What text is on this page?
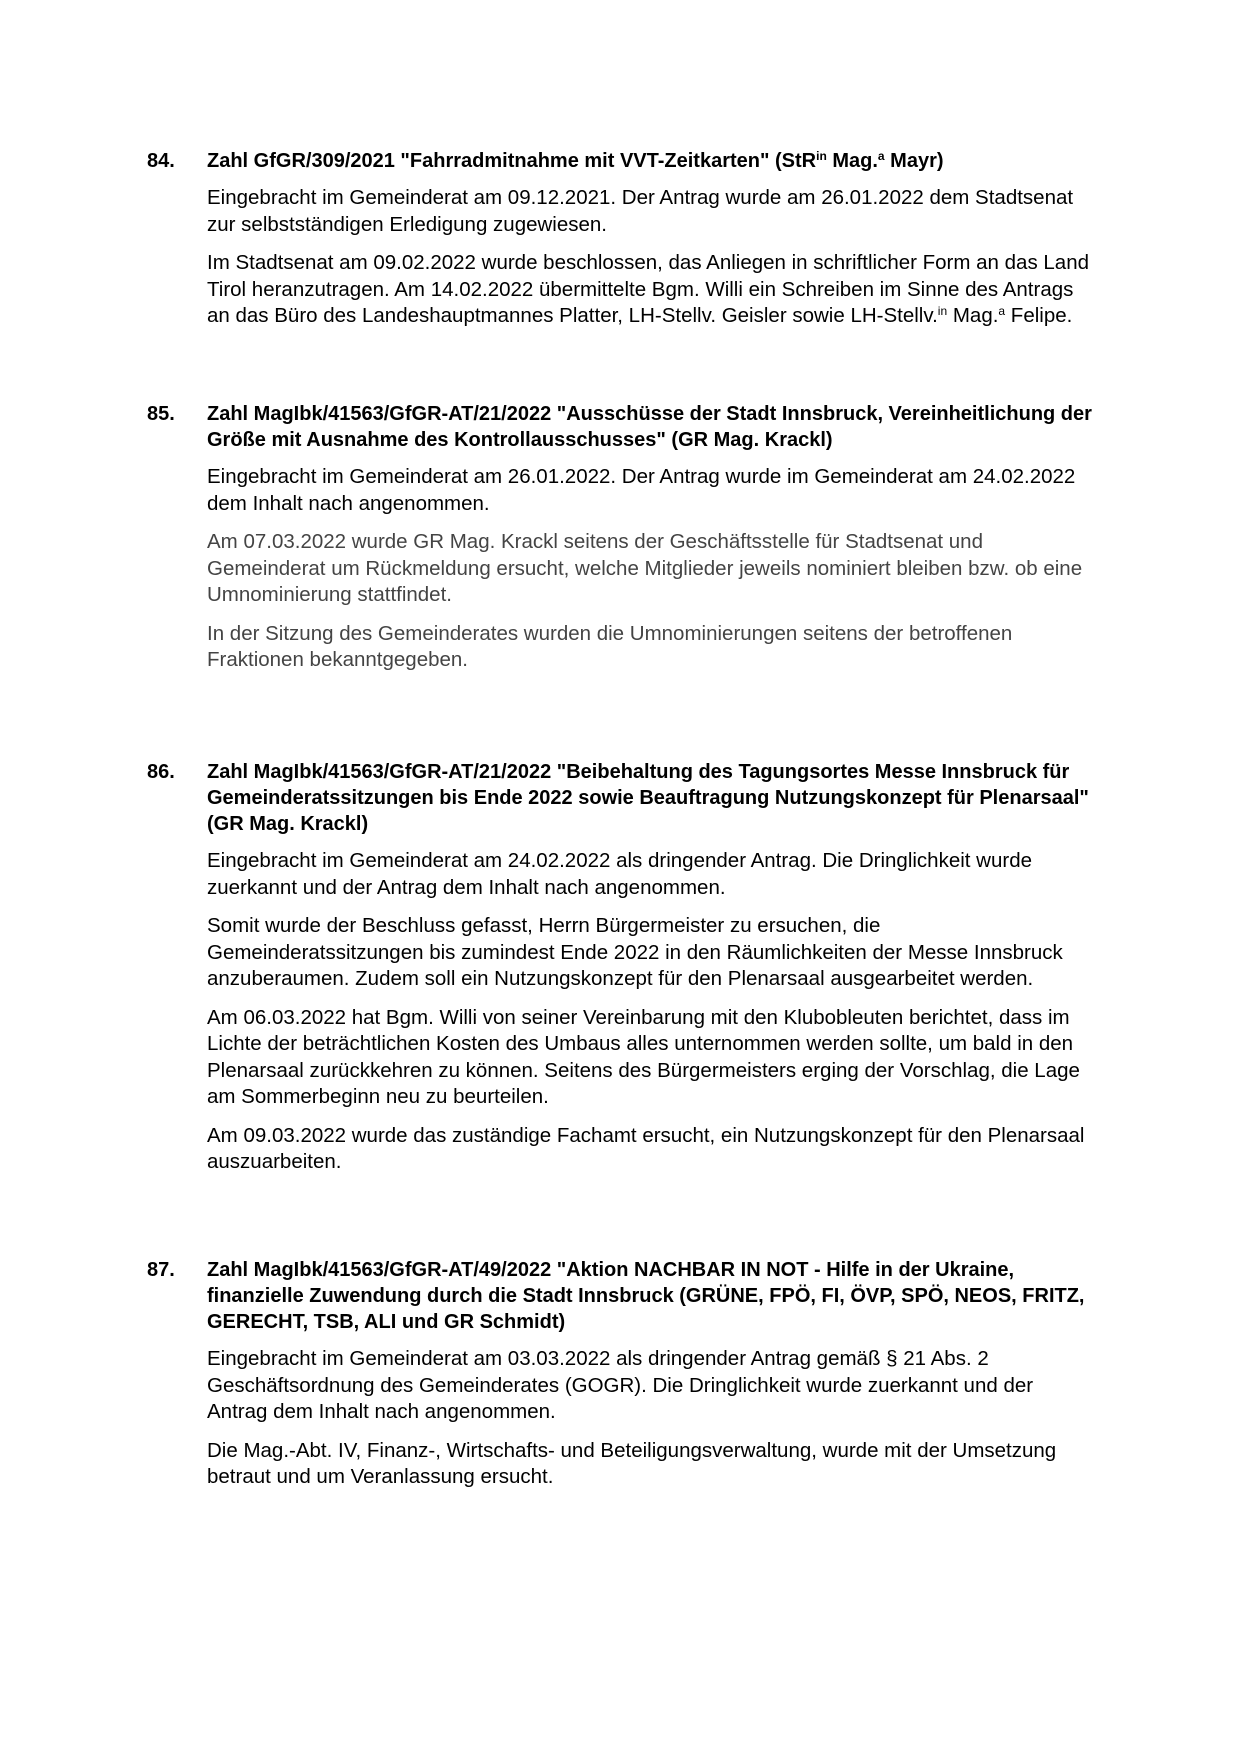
84. Zahl GfGR/309/2021 "Fahrradmitnahme mit VVT-Zeitkarten" (StR$^{in}$ Mag.$^a$ Mayr)
Eingebracht im Gemeinderat am 09.12.2021. Der Antrag wurde am 26.01.2022 dem Stadtsenat zur selbstständigen Erledigung zugewiesen.
Im Stadtsenat am 09.02.2022 wurde beschlossen, das Anliegen in schriftlicher Form an das Land Tirol heranzutragen. Am 14.02.2022 übermittelte Bgm. Willi ein Schreiben im Sinne des Antrags an das Büro des Landeshauptmannes Platter, LH-Stellv. Geisler sowie LH-Stellv.$^{in}$ Mag.$^a$ Felipe.
85. Zahl MagIbk/41563/GfGR-AT/21/2022 "Ausschüsse der Stadt Innsbruck, Vereinheitlichung der Größe mit Ausnahme des Kontrollausschusses" (GR Mag. Krackl)
Eingebracht im Gemeinderat am 26.01.2022. Der Antrag wurde im Gemeinderat am 24.02.2022 dem Inhalt nach angenommen.
Am 07.03.2022 wurde GR Mag. Krackl seitens der Geschäftsstelle für Stadtsenat und Gemeinderat um Rückmeldung ersucht, welche Mitglieder jeweils nominiert bleiben bzw. ob eine Umnominierung stattfindet.
In der Sitzung des Gemeinderates wurden die Umnominierungen seitens der betroffenen Fraktionen bekanntgegeben.
86. Zahl MagIbk/41563/GfGR-AT/21/2022 "Beibehaltung des Tagungsortes Messe Innsbruck für Gemeinderatssitzungen bis Ende 2022 sowie Beauftragung Nutzungskonzept für Plenarsaal" (GR Mag. Krackl)
Eingebracht im Gemeinderat am 24.02.2022 als dringender Antrag. Die Dringlichkeit wurde zuerkannt und der Antrag dem Inhalt nach angenommen.
Somit wurde der Beschluss gefasst, Herrn Bürgermeister zu ersuchen, die Gemeinderatssitzungen bis zumindest Ende 2022 in den Räumlichkeiten der Messe Innsbruck anzuberaumen. Zudem soll ein Nutzungskonzept für den Plenarsaal ausgearbeitet werden.
Am 06.03.2022 hat Bgm. Willi von seiner Vereinbarung mit den Klubobleuten berichtet, dass im Lichte der beträchtlichen Kosten des Umbaus alles unternommen werden sollte, um bald in den Plenarsaal zurückkehren zu können. Seitens des Bürgermeisters erging der Vorschlag, die Lage am Sommerbeginn neu zu beurteilen.
Am 09.03.2022 wurde das zuständige Fachamt ersucht, ein Nutzungskonzept für den Plenarsaal auszuarbeiten.
87. Zahl MagIbk/41563/GfGR-AT/49/2022 "Aktion NACHBAR IN NOT - Hilfe in der Ukraine, finanzielle Zuwendung durch die Stadt Innsbruck (GRÜNE, FPÖ, FI, ÖVP, SPÖ, NEOS, FRITZ, GERECHT, TSB, ALI und GR Schmidt)
Eingebracht im Gemeinderat am 03.03.2022 als dringender Antrag gemäß § 21 Abs. 2 Geschäftsordnung des Gemeinderates (GOGR). Die Dringlichkeit wurde zuerkannt und der Antrag dem Inhalt nach angenommen.
Die Mag.-Abt. IV, Finanz-, Wirtschafts- und Beteiligungsverwaltung, wurde mit der Umsetzung betraut und um Veranlassung ersucht.
